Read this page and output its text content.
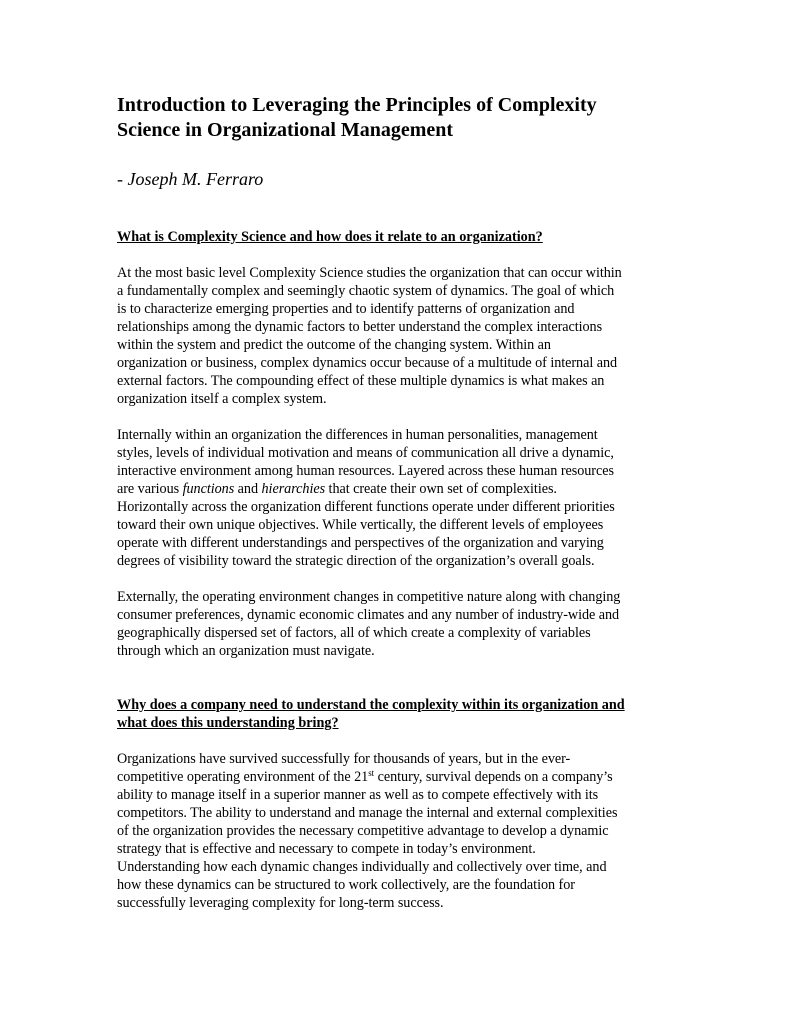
Introduction to Leveraging the Principles of Complexity
Science in Organizational Management

- Joseph M. Ferraro

What is Complexity Science and how does it relate to an organization?

At the most basic level Complexity Science studies the organization that can occur within
a fundamentally complex and seemingly chaotic system of dynamics. The goal of which
is to characterize emerging properties and to identify patterns of organization and
relationships among the dynamic factors to better understand the complex interactions
within the system and predict the outcome of the changing system. Within an
organization or business, complex dynamics occur because of a multitude of internal and
external factors. The compounding effect of these multiple dynamics is what makes an
organization itself a complex system.

Internally within an organization the differences in human personalities, management
styles, levels of individual motivation and means of communication all drive a dynamic,
interactive environment among human resources. Layered across these human resources
are various functions and hierarchies that create their own set of complexities.
Horizontally across the organization different functions operate under different priorities
toward their own unique objectives. While vertically, the different levels of employees
operate with different understandings and perspectives of the organization and varying
degrees of visibility toward the strategic direction of the organization’s overall goals.

Externally, the operating environment changes in competitive nature along with changing
consumer preferences, dynamic economic climates and any number of industry-wide and
geographically dispersed set of factors, all of which create a complexity of variables
through which an organization must navigate.

Why does a company need to understand the complexity within its organization and
what does this understanding bring?

Organizations have survived successfully for thousands of years, but in the ever-
competitive operating environment of the 21st century, survival depends on a company’s
ability to manage itself in a superior manner as well as to compete effectively with its
competitors. The ability to understand and manage the internal and external complexities
of the organization provides the necessary competitive advantage to develop a dynamic
strategy that is effective and necessary to compete in today’s environment.
Understanding how each dynamic changes individually and collectively over time, and
how these dynamics can be structured to work collectively, are the foundation for
successfully leveraging complexity for long-term success.
